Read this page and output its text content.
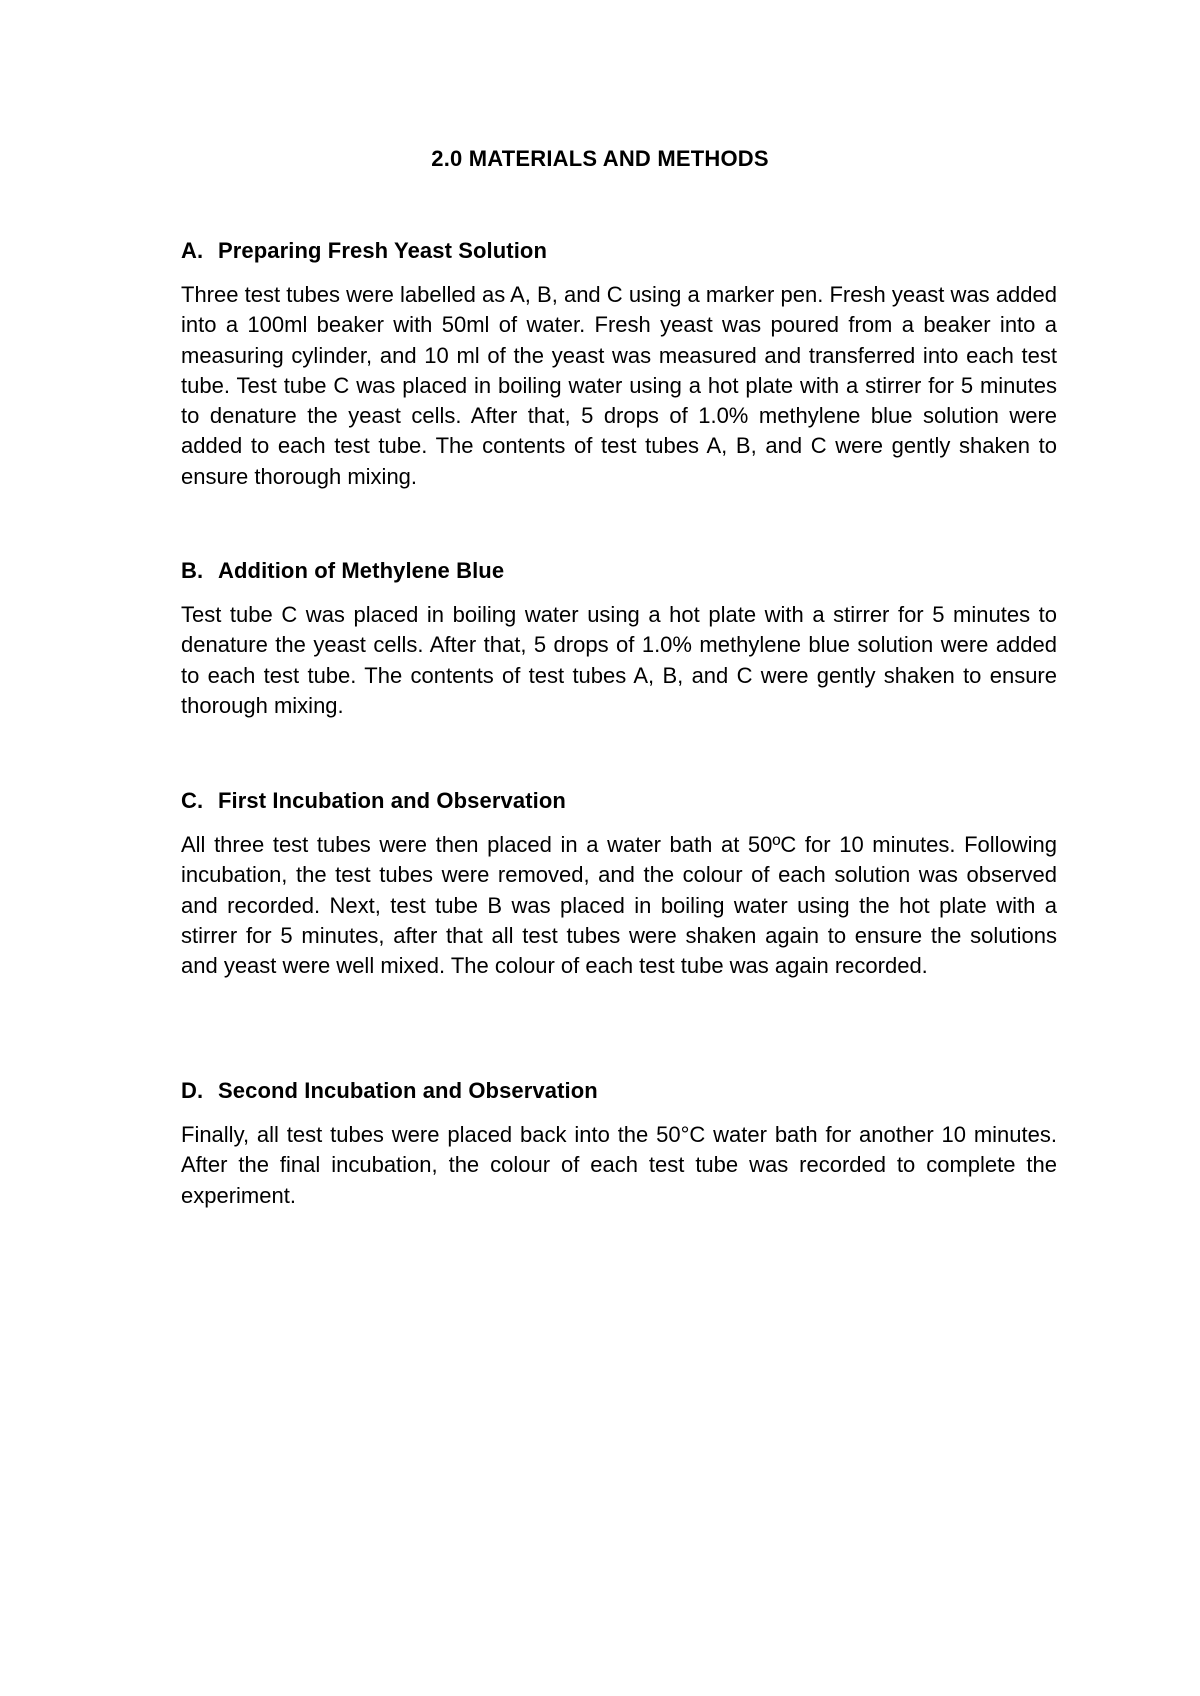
2.0 MATERIALS AND METHODS
A. Preparing Fresh Yeast Solution

Three test tubes were labelled as A, B, and C using a marker pen. Fresh yeast was added into a 100ml beaker with 50ml of water. Fresh yeast was poured from a beaker into a measuring cylinder, and 10 ml of the yeast was measured and transferred into each test tube. Test tube C was placed in boiling water using a hot plate with a stirrer for 5 minutes to denature the yeast cells. After that, 5 drops of 1.0% methylene blue solution were added to each test tube. The contents of test tubes A, B, and C were gently shaken to ensure thorough mixing.

B. Addition of Methylene Blue

Test tube C was placed in boiling water using a hot plate with a stirrer for 5 minutes to denature the yeast cells. After that, 5 drops of 1.0% methylene blue solution were added to each test tube. The contents of test tubes A, B, and C were gently shaken to ensure thorough mixing.

C. First Incubation and Observation

All three test tubes were then placed in a water bath at 50ºC for 10 minutes. Following incubation, the test tubes were removed, and the colour of each solution was observed and recorded. Next, test tube B was placed in boiling water using the hot plate with a stirrer for 5 minutes, after that all test tubes were shaken again to ensure the solutions and yeast were well mixed. The colour of each test tube was again recorded.

D. Second Incubation and Observation

Finally, all test tubes were placed back into the 50°C water bath for another 10 minutes. After the final incubation, the colour of each test tube was recorded to complete the experiment.
